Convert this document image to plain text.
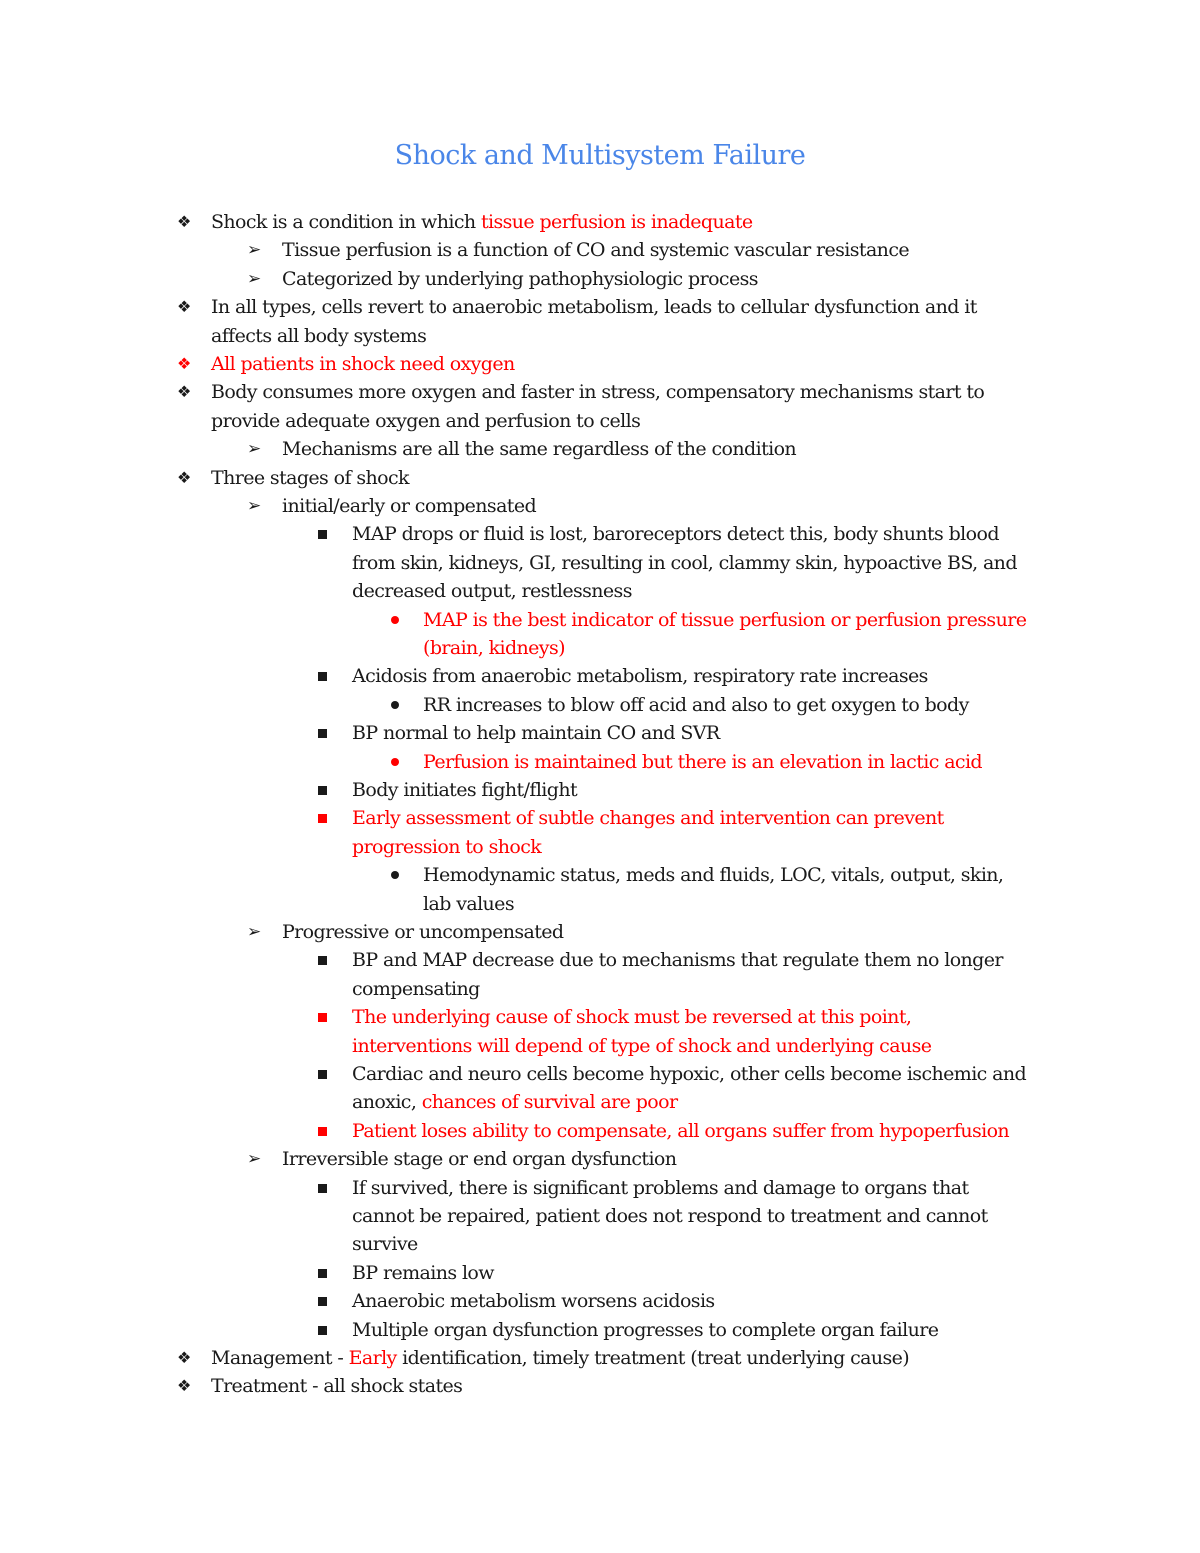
Shock and Multisystem Failure
❖ Shock is a condition in which tissue perfusion is inadequate
➢ Tissue perfusion is a function of CO and systemic vascular resistance
➢ Categorized by underlying pathophysiologic process
❖ In all types, cells revert to anaerobic metabolism, leads to cellular dysfunction and it
affects all body systems
❖ All patients in shock need oxygen
❖ Body consumes more oxygen and faster in stress, compensatory mechanisms start to
provide adequate oxygen and perfusion to cells
➢ Mechanisms are all the same regardless of the condition
❖ Three stages of shock
➢ initial/early or compensated
MAP drops or fluid is lost, baroreceptors detect this, body shunts blood
from skin, kidneys, GI, resulting in cool, clammy skin, hypoactive BS, and
decreased output, restlessness
MAP is the best indicator of tissue perfusion or perfusion pressure
(brain, kidneys)
Acidosis from anaerobic metabolism, respiratory rate increases
RR increases to blow off acid and also to get oxygen to body
BP normal to help maintain CO and SVR
Perfusion is maintained but there is an elevation in lactic acid
Body initiates fight/flight
Early assessment of subtle changes and intervention can prevent
progression to shock
Hemodynamic status, meds and fluids, LOC, vitals, output, skin,
lab values
➢ Progressive or uncompensated
BP and MAP decrease due to mechanisms that regulate them no longer
compensating
The underlying cause of shock must be reversed at this point,
interventions will depend of type of shock and underlying cause
Cardiac and neuro cells become hypoxic, other cells become ischemic and
anoxic, chances of survival are poor
Patient loses ability to compensate, all organs suffer from hypoperfusion
➢ Irreversible stage or end organ dysfunction
If survived, there is significant problems and damage to organs that
cannot be repaired, patient does not respond to treatment and cannot
survive
BP remains low
Anaerobic metabolism worsens acidosis
Multiple organ dysfunction progresses to complete organ failure
❖ Management - Early identification, timely treatment (treat underlying cause)
❖ Treatment - all shock states
